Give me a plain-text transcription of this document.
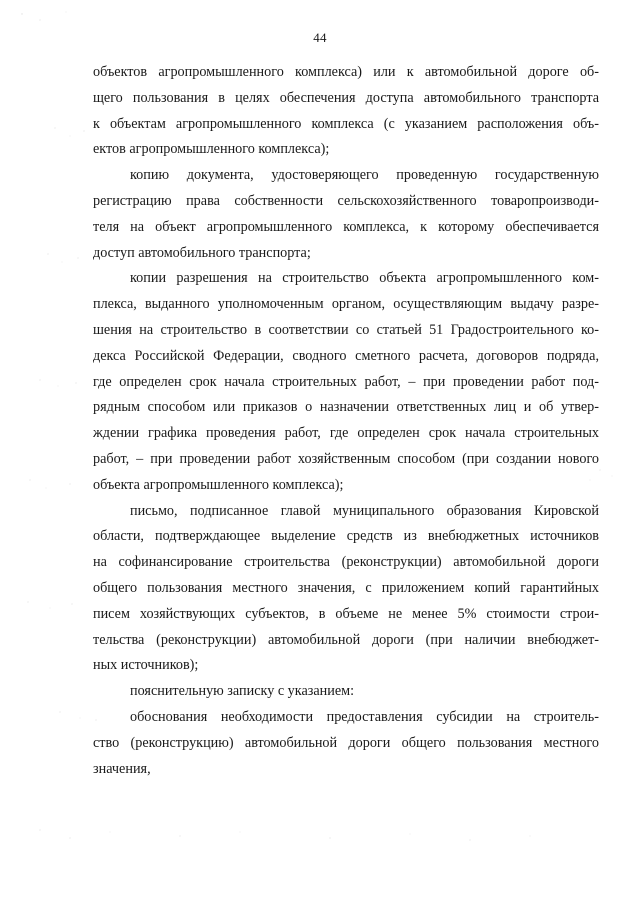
44
объектов агропромышленного комплекса) или к автомобильной дороге об-
щего пользования в целях обеспечения доступа автомобильного транспорта
к объектам агропромышленного комплекса (с указанием расположения объ-
ектов агропромышленного комплекса);
копию документа, удостоверяющего проведенную государственную
регистрацию права собственности сельскохозяйственного товаропроизводи-
теля на объект агропромышленного комплекса, к которому обеспечивается
доступ автомобильного транспорта;
копии разрешения на строительство объекта агропромышленного ком-
плекса, выданного уполномоченным органом, осуществляющим выдачу разре-
шения на строительство в соответствии со статьей 51 Градостроительного ко-
декса Российской Федерации, сводного сметного расчета, договоров подряда,
где определен срок начала строительных работ, – при проведении работ под-
рядным способом или приказов о назначении ответственных лиц и об утвер-
ждении графика проведения работ, где определен срок начала строительных
работ, – при проведении работ хозяйственным способом (при создании нового
объекта агропромышленного комплекса);
письмо, подписанное главой муниципального образования Кировской
области, подтверждающее выделение средств из внебюджетных источников
на софинансирование строительства (реконструкции) автомобильной дороги
общего пользования местного значения, с приложением копий гарантийных
писем хозяйствующих субъектов, в объеме не менее 5% стоимости строи-
тельства (реконструкции) автомобильной дороги (при наличии внебюджет-
ных источников);
пояснительную записку с указанием:
обоснования необходимости предоставления субсидии на строитель-
ство (реконструкцию) автомобильной дороги общего пользования местного
значения,
